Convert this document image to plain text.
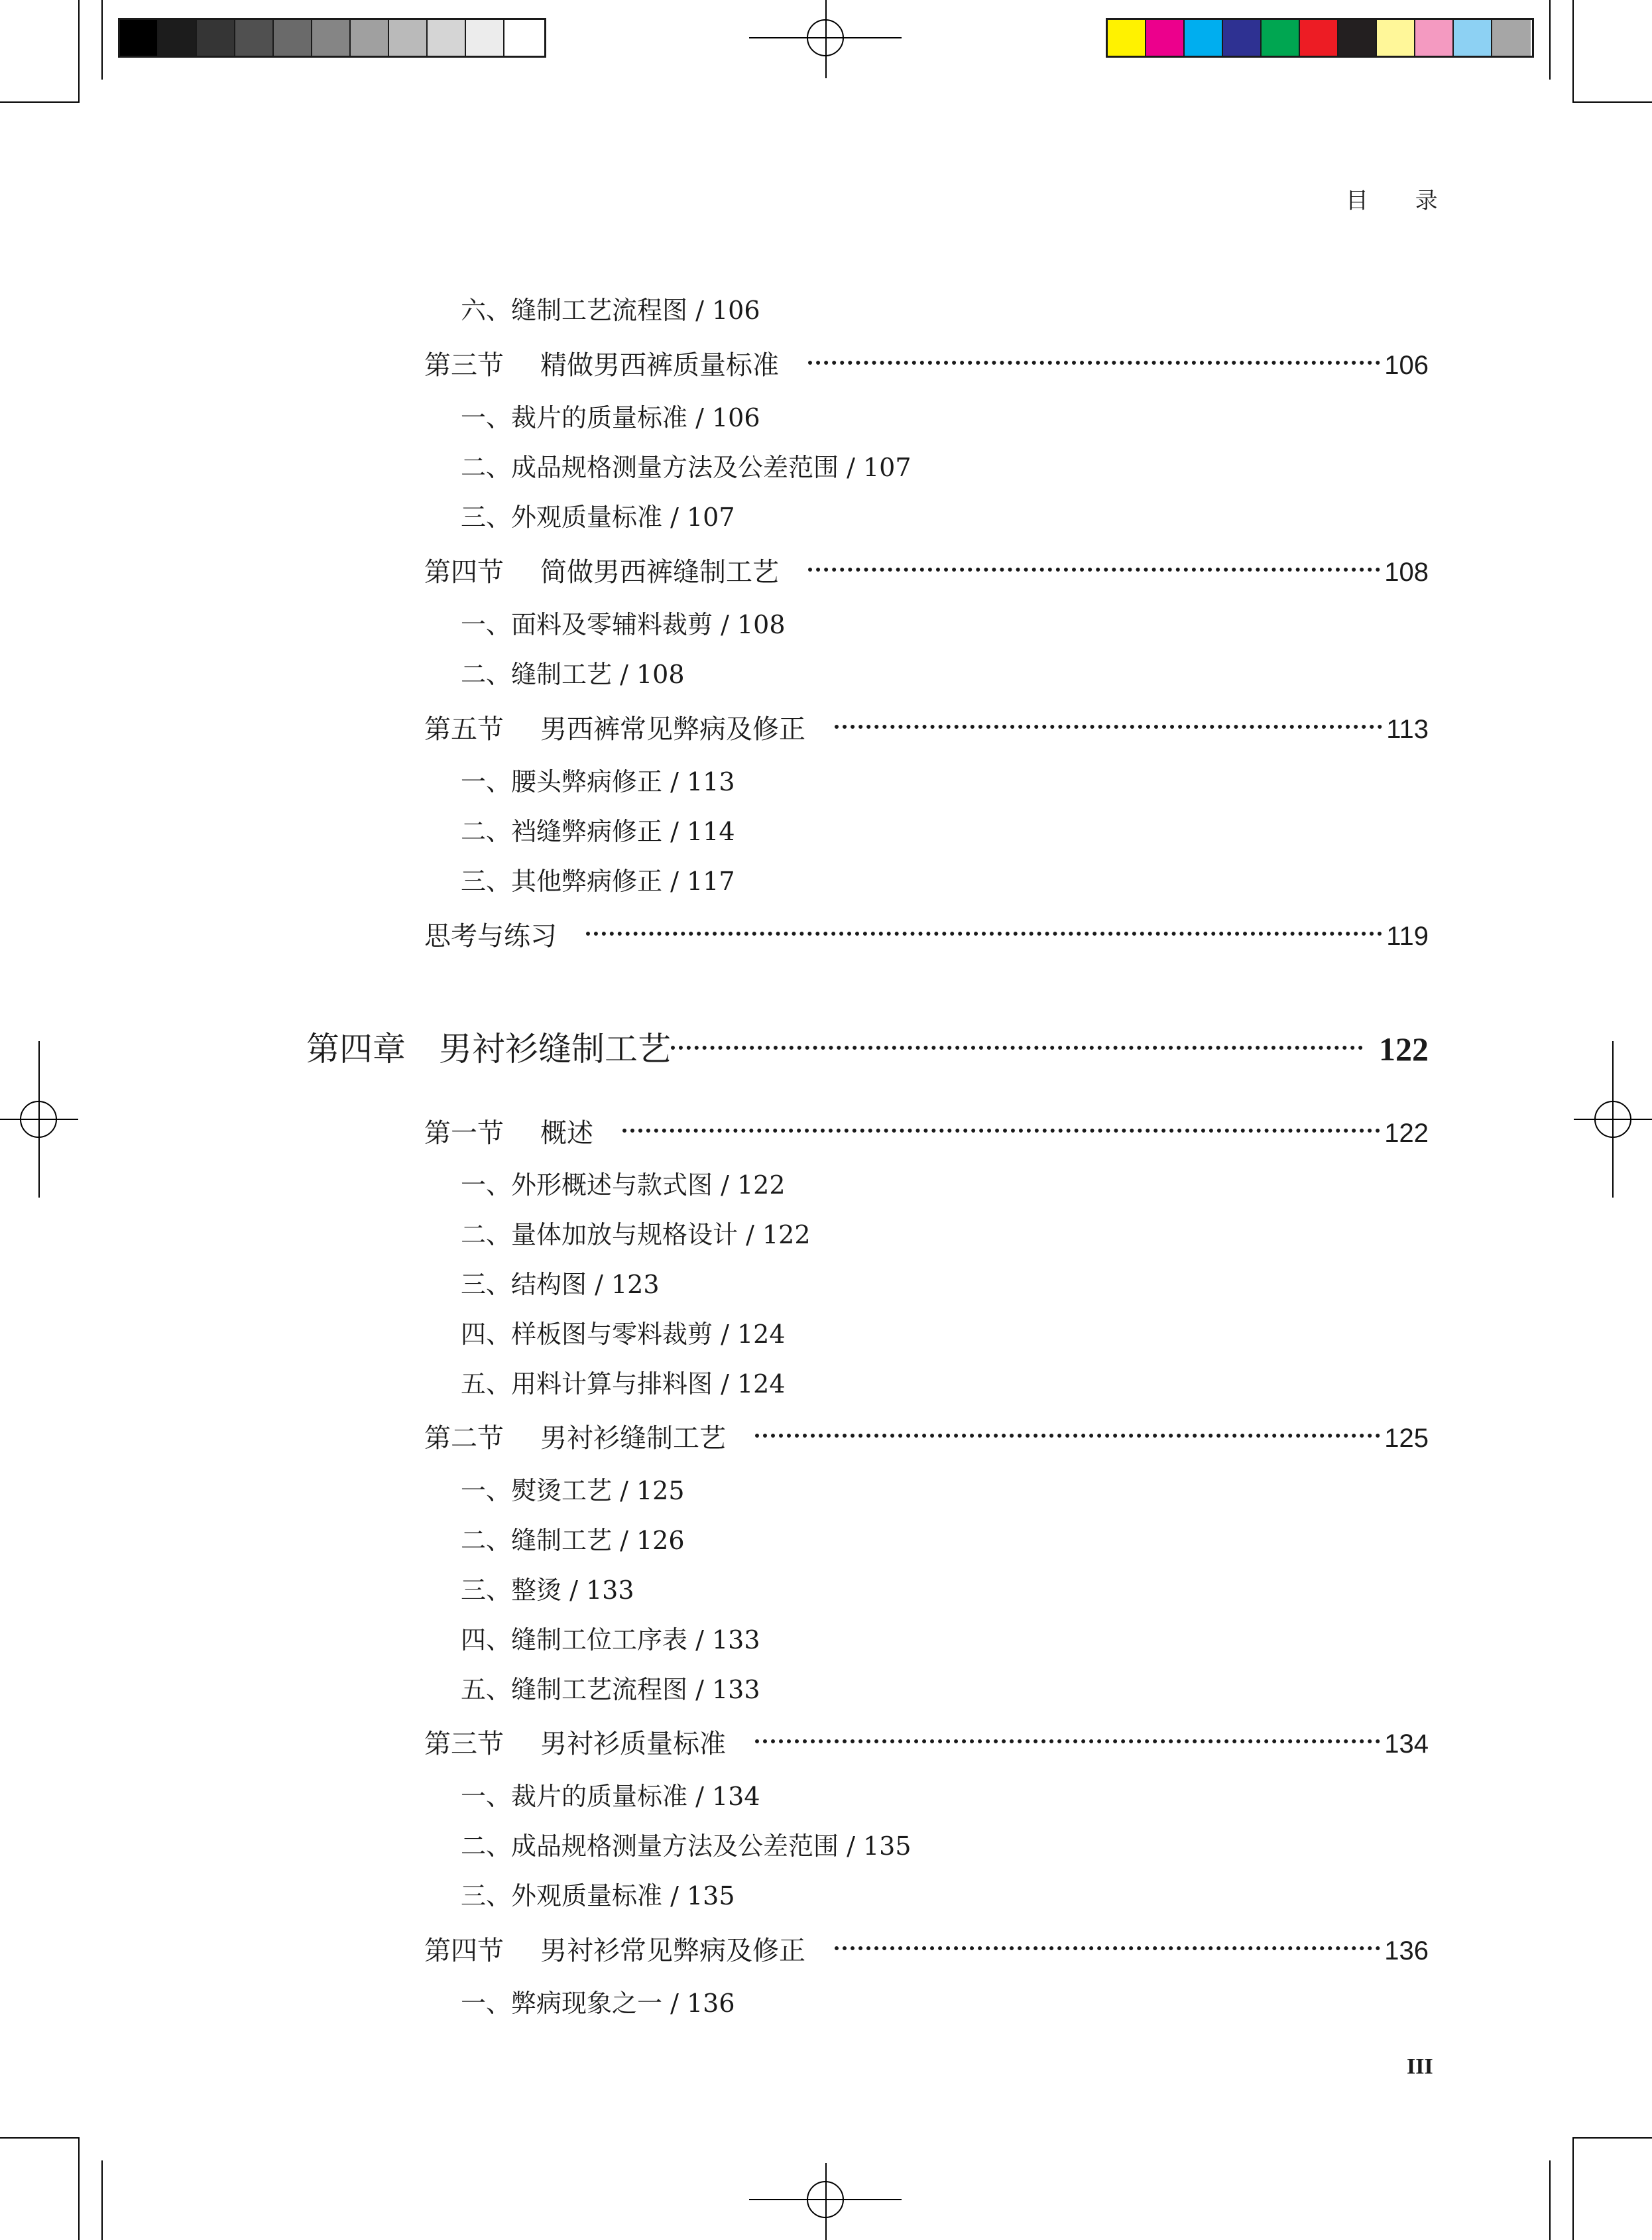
目 录
六、缝制工艺流程图 / 106
第三节	精做男西裤质量标准	106
一、裁片的质量标准 / 106
二、成品规格测量方法及公差范围 / 107
三、外观质量标准 / 107
第四节	简做男西裤缝制工艺	108
一、面料及零辅料裁剪 / 108
二、缝制工艺 / 108
第五节	男西裤常见弊病及修正	113
一、腰头弊病修正 / 113
二、裆缝弊病修正 / 114
三、其他弊病修正 / 117
思考与练习	119
第四章	男衬衫缝制工艺	122
第一节	概述	122
一、外形概述与款式图 / 122
二、量体加放与规格设计 / 122
三、结构图 / 123
四、样板图与零料裁剪 / 124
五、用料计算与排料图 / 124
第二节	男衬衫缝制工艺	125
一、熨烫工艺 / 125
二、缝制工艺 / 126
三、整烫 / 133
四、缝制工位工序表 / 133
五、缝制工艺流程图 / 133
第三节	男衬衫质量标准	134
一、裁片的质量标准 / 134
二、成品规格测量方法及公差范围 / 135
三、外观质量标准 / 135
第四节	男衬衫常见弊病及修正	136
一、弊病现象之一 / 136
III
